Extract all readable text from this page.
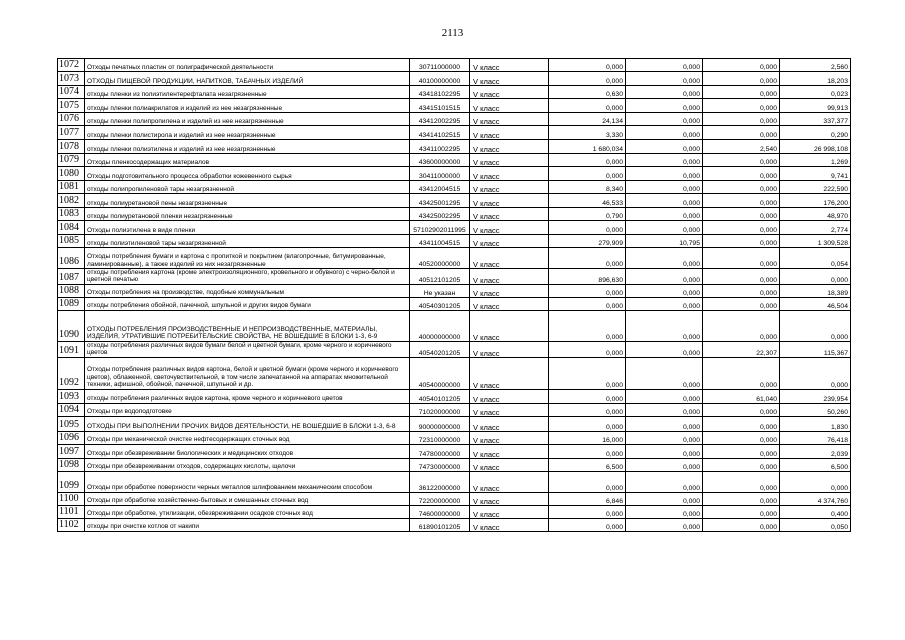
2113
1072	Отходы печатных пластин от полиграфической деятельности	30711000000	V класс	0,000	0,000	0,000	2,560
1073	ОТХОДЫ ПИЩЕВОЙ ПРОДУКЦИИ, НАПИТКОВ, ТАБАЧНЫХ ИЗДЕЛИЙ	40100000000	V класс	0,000	0,000	0,000	18,203
1074	отходы пленки из полиэтилентерефталата незагрязненные	43418102295	V класс	0,630	0,000	0,000	0,023
1075	отходы пленки полиакрилатов и изделий из нее незагрязненные	43415101515	V класс	0,000	0,000	0,000	99,913
1076	отходы пленки полипропилена и изделий из нее незагрязненные	43412002295	V класс	24,134	0,000	0,000	337,377
1077	отходы пленки полистирола и изделий из нее незагрязненные	43414102515	V класс	3,330	0,000	0,000	0,290
1078	отходы пленки полиэтилена и изделий из нее незагрязненные	43411002295	V класс	1 680,034	0,000	2,540	26 998,108
1079	Отходы пленкосодержащих материалов	43600000000	V класс	0,000	0,000	0,000	1,269
1080	Отходы подготовительного процесса обработки кожевенного сырья	30411000000	V класс	0,000	0,000	0,000	9,741
1081	отходы полипропиленовой тары незагрязненной	43412004515	V класс	8,340	0,000	0,000	222,590
1082	отходы полиуретановой пены незагрязненные	43425001295	V класс	46,533	0,000	0,000	176,200
1083	отходы полиуретановой пленки незагрязненные	43425002295	V класс	0,790	0,000	0,000	48,970
1084	Отходы полиэтилена в виде пленки	57102902011995	V класс	0,000	0,000	0,000	2,774
1085	отходы полиэтиленовой тары незагрязненной	43411004515	V класс	279,909	10,795	0,000	1 309,528
1086	Отходы потребления бумаги и картона с пропиткой и покрытием (влагопрочные, битумированные, ламинированные), а также изделий из них незагрязненные	40520000000	V класс	0,000	0,000	0,000	0,054
1087	отходы потребления картона (кроме электроизоляционного, кровельного и обувного) с черно-белой и цветной печатью	40512101205	V класс	896,630	0,000	0,000	0,000
1088	Отходы потребления на производстве, подобные коммунальным	Не указан	V класс	0,000	0,000	0,000	18,389
1089	отходы потребления обойной, пачечной, шпульной и других видов бумаги	40540301205	V класс	0,000	0,000	0,000	46,504
1090	ОТХОДЫ ПОТРЕБЛЕНИЯ ПРОИЗВОДСТВЕННЫЕ И НЕПРОИЗВОДСТВЕННЫЕ, МАТЕРИАЛЫ, ИЗДЕЛИЯ, УТРАТИВШИЕ ПОТРЕБИТЕЛЬСКИЕ СВОЙСТВА, НЕ ВОШЕДШИЕ В БЛОКИ 1-3, 6-9	40000000000	V класс	0,000	0,000	0,000	0,000
1091	отходы потребления различных видов бумаги белой и цветной бумаги, кроме черного и коричневого цветов	40540201205	V класс	0,000	0,000	22,307	115,367
1092	Отходы потребления различных видов картона, белой и цветной бумаги (кроме черного и коричневого цветов), облаженной, светочувствительной, в том числе запечатанной на аппаратах множительной техники, афишной, обойной, пачечной, шпульной и др.	40540000000	V класс	0,000	0,000	0,000	0,000
1093	отходы потребления различных видов картона, кроме черного и коричневого цветов	40540101205	V класс	0,000	0,000	61,040	239,954
1094	Отходы при водоподготовке	71020000000	V класс	0,000	0,000	0,000	50,260
1095	ОТХОДЫ ПРИ ВЫПОЛНЕНИИ ПРОЧИХ ВИДОВ ДЕЯТЕЛЬНОСТИ, НЕ ВОШЕДШИЕ В БЛОКИ 1-3, 6-8	90000000000	V класс	0,000	0,000	0,000	1,830
1096	Отходы при механической очистке нефтесодержащих сточных вод	72310000000	V класс	16,000	0,000	0,000	76,418
1097	Отходы при обезвреживании биологических и медицинских отходов	74780000000	V класс	0,000	0,000	0,000	2,039
1098	Отходы при обезвреживании отходов, содержащих кислоты, щелочи	74730000000	V класс	6,500	0,000	0,000	6,500
1099	Отходы при обработке поверхности черных металлов шлифованием механическим способом	36122000000	V класс	0,000	0,000	0,000	0,000
1100	Отходы при обработке хозяйственно-бытовых и смешанных сточных вод	72200000000	V класс	6,846	0,000	0,000	4 374,760
1101	Отходы при обработке, утилизации, обезвреживании осадков сточных вод	74600000000	V класс	0,000	0,000	0,000	0,400
1102	отходы при очистке котлов от накипи	61890101205	V класс	0,000	0,000	0,000	0,050
